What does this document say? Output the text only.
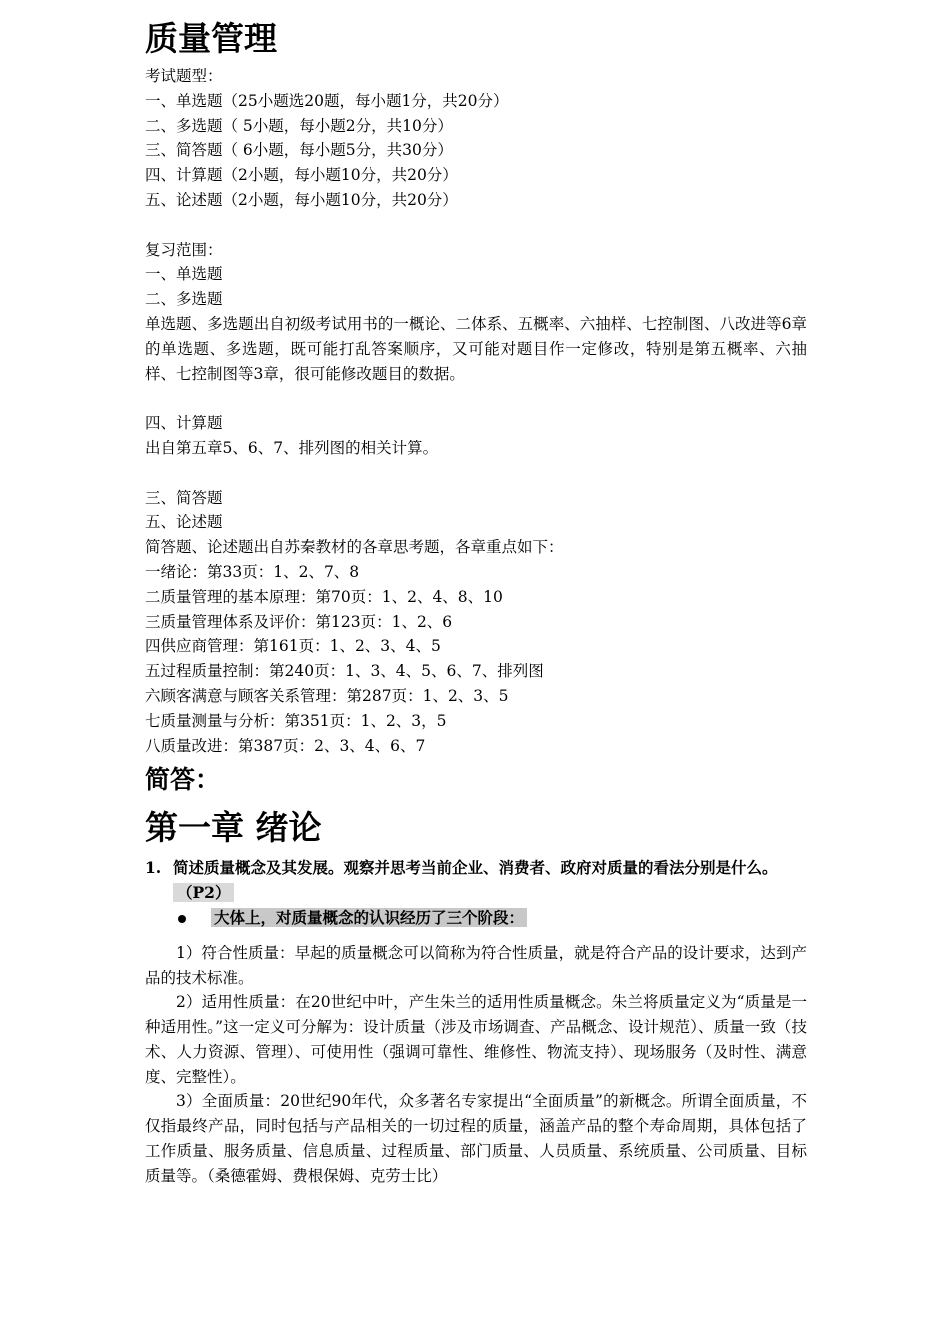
质量管理

考试题型：

一、单选题（25小题选20题，每小题1分，共20分）

二、多选题（ 5小题，每小题2分，共10分）

三、简答题（ 6小题，每小题5分，共30分）

四、计算题（2小题，每小题10分，共20分）

五、论述题（2小题，每小题10分，共20分）

复习范围：

一、单选题

二、多选题

单选题、多选题出自初级考试用书的一概论、二体系、五概率、六抽样、七控制图、八改进等6章的单选题、多选题，既可能打乱答案顺序，又可能对题目作一定修改，特别是第五概率、六抽样、七控制图等3章，很可能修改题目的数据。

四、计算题

出自第五章5、6、7、排列图的相关计算。

三、简答题

五、论述题

简答题、论述题出自苏秦教材的各章思考题，各章重点如下：

一绪论：第33页：1、2、7、8

二质量管理的基本原理：第70页：1、2、4、8、10

三质量管理体系及评价：第123页：1、2、6

四供应商管理：第161页：1、2、3、4、5

五过程质量控制：第240页：1、3、4、5、6、7、排列图

六顾客满意与顾客关系管理：第287页：1、2、3、5

七质量测量与分析：第351页：1、2、3，5

八质量改进：第387页：2、3、4、6、7

简答：
第一章 绪论
1. 简述质量概念及其发展。观察并思考当前企业、消费者、政府对质量的看法分别是什么。（P2）
大体上，对质量概念的认识经历了三个阶段：

1）符合性质量：早起的质量概念可以简称为符合性质量，就是符合产品的设计要求，达到产品的技术标准。

2）适用性质量：在20世纪中叶，产生朱兰的适用性质量概念。朱兰将质量定义为“质量是一种适用性。”这一定义可分解为：设计质量（涉及市场调查、产品概念、设计规范）、质量一致（技术、人力资源、管理）、可使用性（强调可靠性、维修性、物流支持）、现场服务（及时性、满意度、完整性）。

3）全面质量：20世纪90年代，众多著名专家提出“全面质量”的新概念。所谓全面质量，不仅指最终产品，同时包括与产品相关的一切过程的质量，涵盖产品的整个寿命周期，具体包括了工作质量、服务质量、信息质量、过程质量、部门质量、人员质量、系统质量、公司质量、目标质量等。（桑德霍姆、费根保姆、克劳士比）
